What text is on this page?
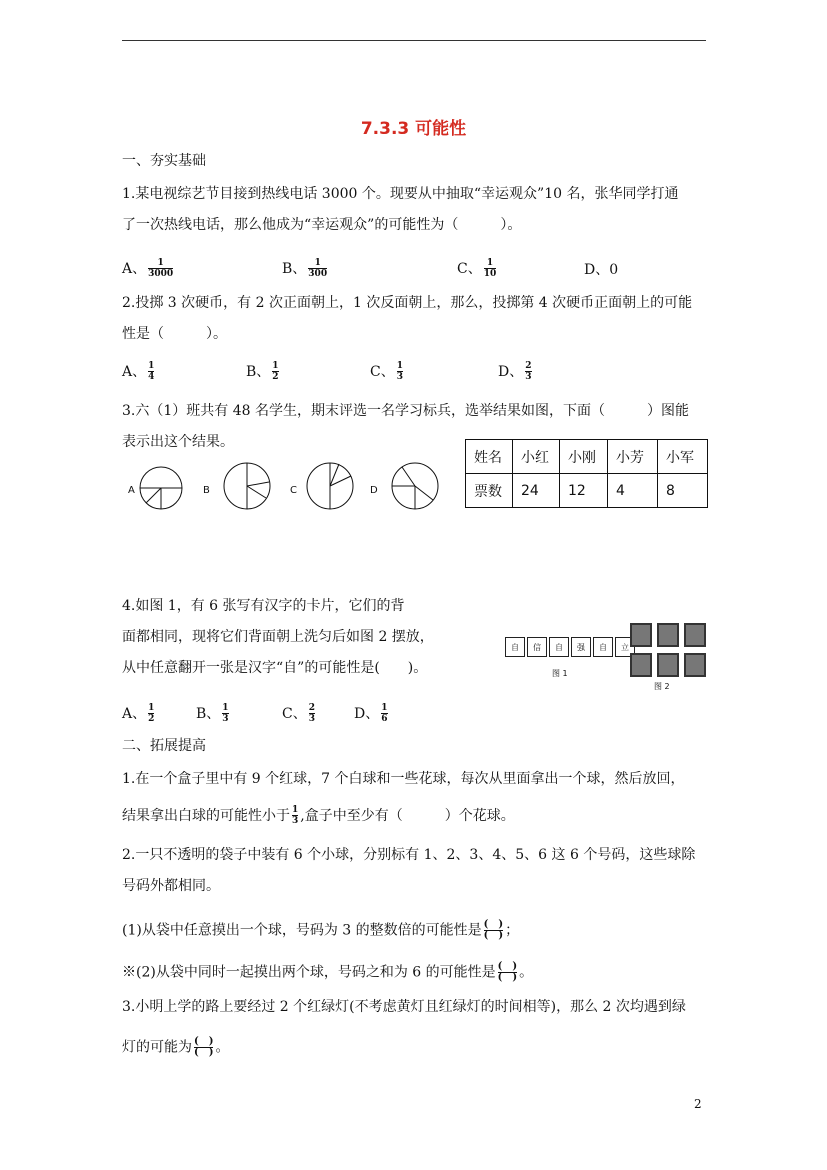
7.3.3 可能性
一、夯实基础
1.某电视综艺节目接到热线电话 3000 个。现要从中抽取“幸运观众”10 名，张华同学打通
了一次热线电话，那么他成为“幸运观众”的可能性为（　　　）。
A、 $\frac{1}{3000}$	B、 $\frac{1}{300}$	C、 $\frac{1}{10}$	D、0
2.投掷 3 次硬币，有 2 次正面朝上，1 次反面朝上，那么，投掷第 4 次硬币正面朝上的可能
性是（　　　）。
A、 $\frac{1}{4}$	B、 $\frac{1}{2}$	C、 $\frac{1}{3}$	D、 $\frac{2}{3}$
3.六（1）班共有 48 名学生，期末评选一名学习标兵，选举结果如图，下面（　　　）图能
表示出这个结果。
A	B	C	D
姓名	小红	小刚	小芳	小军
票数	24	12	4	8
4.如图 1，有 6 张写有汉字的卡片，它们的背
面都相同，现将它们背面朝上洗匀后如图 2 摆放，
从中任意翻开一张是汉字“自”的可能性是(　　)。
自	信	自	强	自	立
图 1
图 2
A、 $\frac{1}{2}$	B、 $\frac{1}{3}$	C、 $\frac{2}{3}$	D、 $\frac{1}{6}$
二、拓展提高
1.在一个盒子里中有 9 个红球，7 个白球和一些花球，每次从里面拿出一个球，然后放回，
结果拿出白球的可能性小于 $\frac{1}{3}$ ,盒子中至少有（　　　）个花球。
2.一只不透明的袋子中装有 6 个小球，分别标有 1、2、3、4、5、6 这 6 个号码，这些球除
号码外都相同。
(1)从袋中任意摸出一个球，号码为 3 的整数倍的可能性是 (　)
(　) ；
※(2)从袋中同时一起摸出两个球，号码之和为 6 的可能性是 (　)
(　) 。
3.小明上学的路上要经过 2 个红绿灯(不考虑黄灯且红绿灯的时间相等)，那么 2 次均遇到绿
灯的可能为 (　)
(　) 。
2
